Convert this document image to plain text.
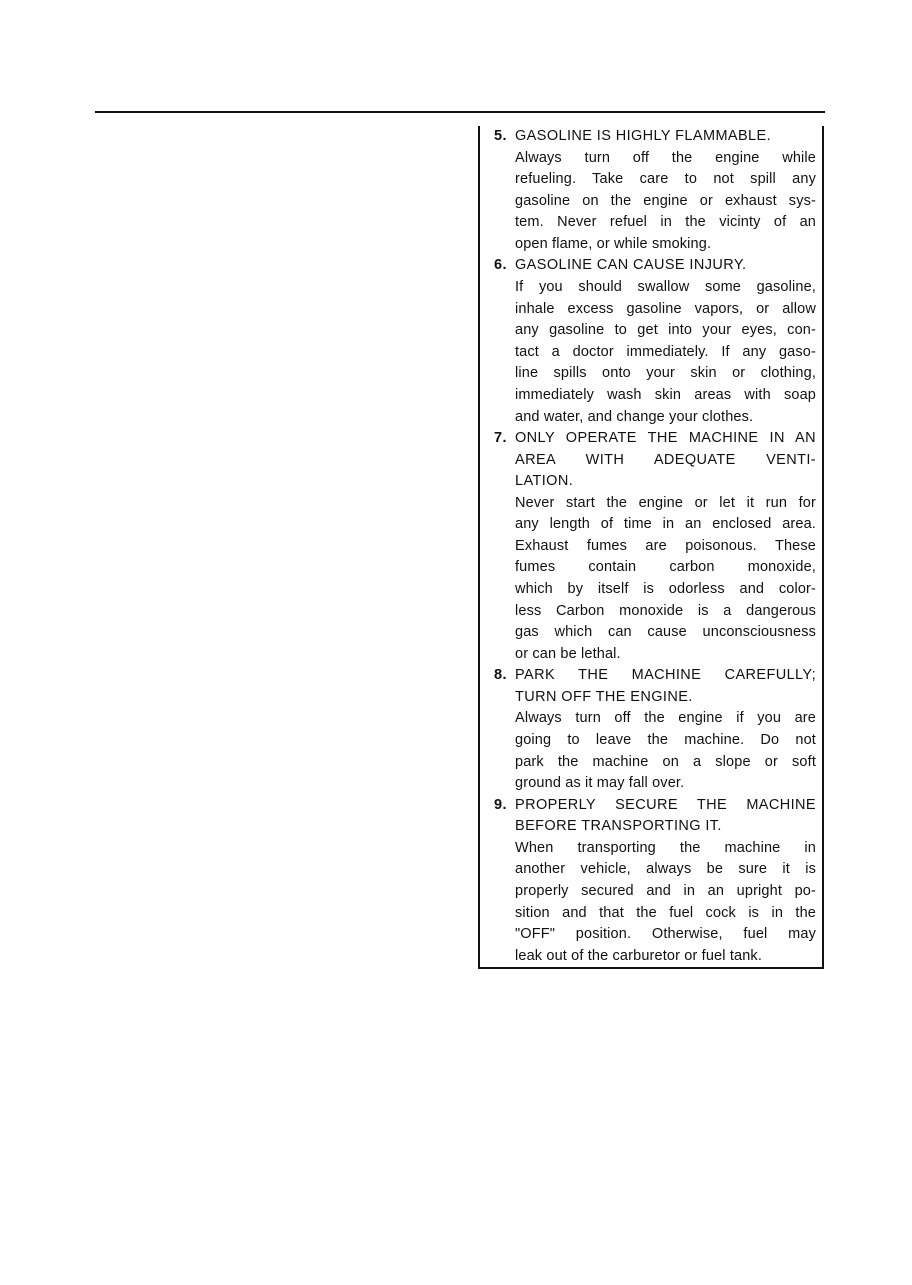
5. GASOLINE IS HIGHLY FLAMMABLE.
Always turn off the engine while
refueling. Take care to not spill any
gasoline on the engine or exhaust sys-
tem. Never refuel in the vicinty of an
open flame, or while smoking.
6. GASOLINE CAN CAUSE INJURY.
If you should swallow some gasoline,
inhale excess gasoline vapors, or allow
any gasoline to get into your eyes, con-
tact a doctor immediately. If any gaso-
line spills onto your skin or clothing,
immediately wash skin areas with soap
and water, and change your clothes.
7. ONLY OPERATE THE MACHINE IN AN
AREA WITH ADEQUATE VENTI-
LATION.
Never start the engine or let it run for
any length of time in an enclosed area.
Exhaust fumes are poisonous. These
fumes contain carbon monoxide,
which by itself is odorless and color-
less Carbon monoxide is a dangerous
gas which can cause unconsciousness
or can be lethal.
8. PARK THE MACHINE CAREFULLY;
TURN OFF THE ENGINE.
Always turn off the engine if you are
going to leave the machine. Do not
park the machine on a slope or soft
ground as it may fall over.
9. PROPERLY SECURE THE MACHINE
BEFORE TRANSPORTING IT.
When transporting the machine in
another vehicle, always be sure it is
properly secured and in an upright po-
sition and that the fuel cock is in the
"OFF" position. Otherwise, fuel may
leak out of the carburetor or fuel tank.
